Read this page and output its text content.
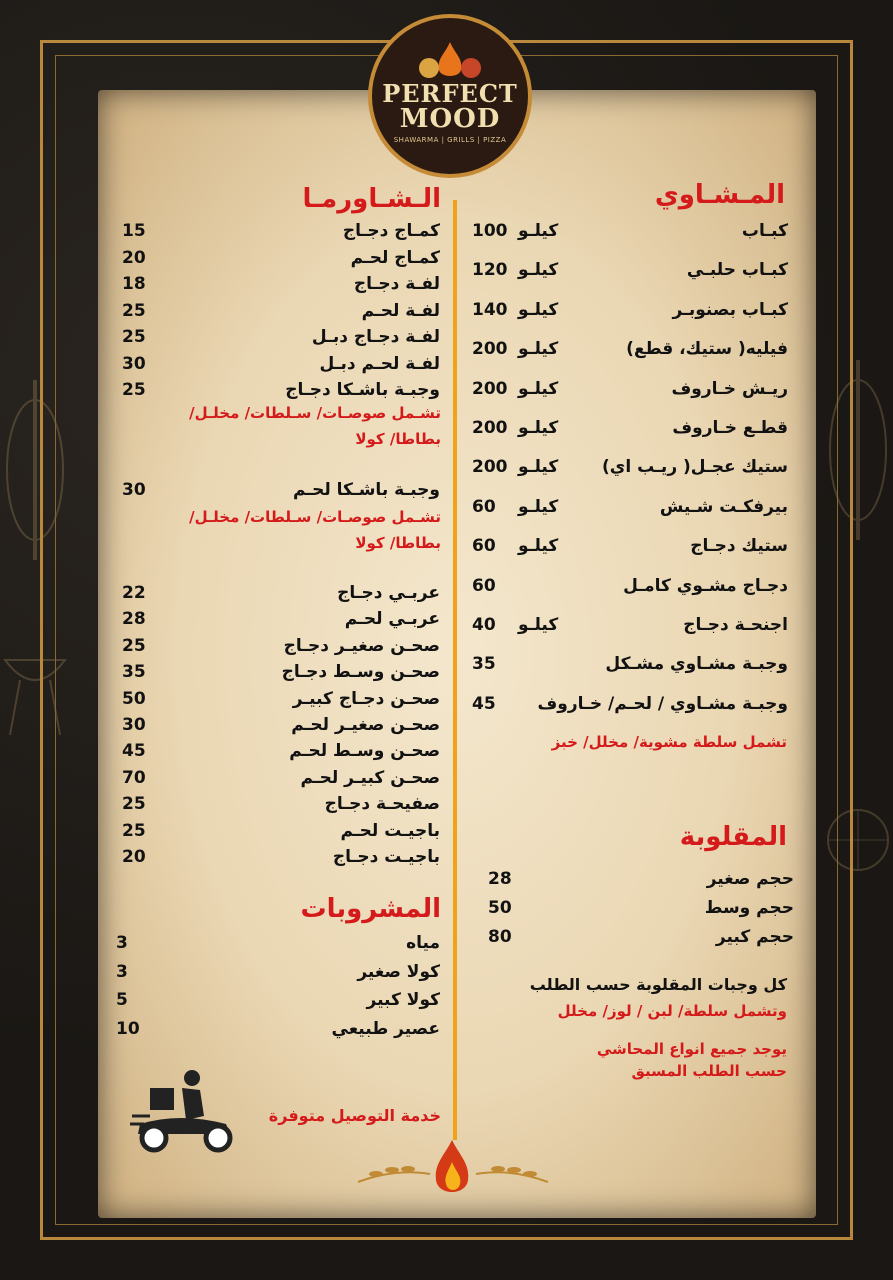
PERFECT
MOOD
SHAWARMA | GRILLS | PIZZA
المـشـاوي
كبـاب
100 كيلـو
كبـاب حلبـي
120 كيلـو
كبـاب بصنوبـر
140 كيلـو
فيليه( ستيك، قطع)
200 كيلـو
ريـش خـاروف
200 كيلـو
قطـع خـاروف
200 كيلـو
ستيك عجـل( ريـب اي)
200 كيلـو
بيرفكـت شـيش
60 كيلـو
ستيك دجـاج
60 كيلـو
دجـاج مشـوي كامـل
60
اجنحـة دجـاج
40 كيلـو
وجبـة مشـاوي مشـكل
35
وجبـة مشـاوي / لحـم/ خـاروف
45
تشمل سلطة مشوية/ مخلل/ خبز
الـشـاورمـا
كمـاج دجـاج
15
كمـاج لحـم
20
لفـة دجـاج
18
لفـة لحـم
25
لفـة دجـاج دبـل
25
لفـة لحـم دبـل
30
وجبـة باشـكا دجـاج
25
وجبـة باشـكا لحـم
30
عربـي دجـاج
22
عربـي لحـم
28
صحـن صغيـر دجـاج
25
صحـن وسـط دجـاج
35
صحـن دجـاج كبيـر
50
صحـن صغيـر لحـم
30
صحـن وسـط لحـم
45
صحـن كبيـر لحـم
70
صفيحـة دجـاج
25
باجيـت لحـم
25
باجيـت دجـاج
20
تشـمل صوصـات/ سـلطات/ مخلـل/
بطاطا/ كولا
تشـمل صوصـات/ سـلطات/ مخلـل/
بطاطا/ كولا
المقلوبة
حجم صغير
28
حجم وسط
50
حجم كبير
80
كل وجبات المقلوبة حسب الطلب
وتشمل سلطة/ لبن / لوز/ مخلل
يوجد جميع انواع المحاشي
حسب الطلب المسبق
المشروبات
مياه
3
كولا صغير
3
كولا كبير
5
عصير طبيعي
10
خدمة التوصيل متوفرة
